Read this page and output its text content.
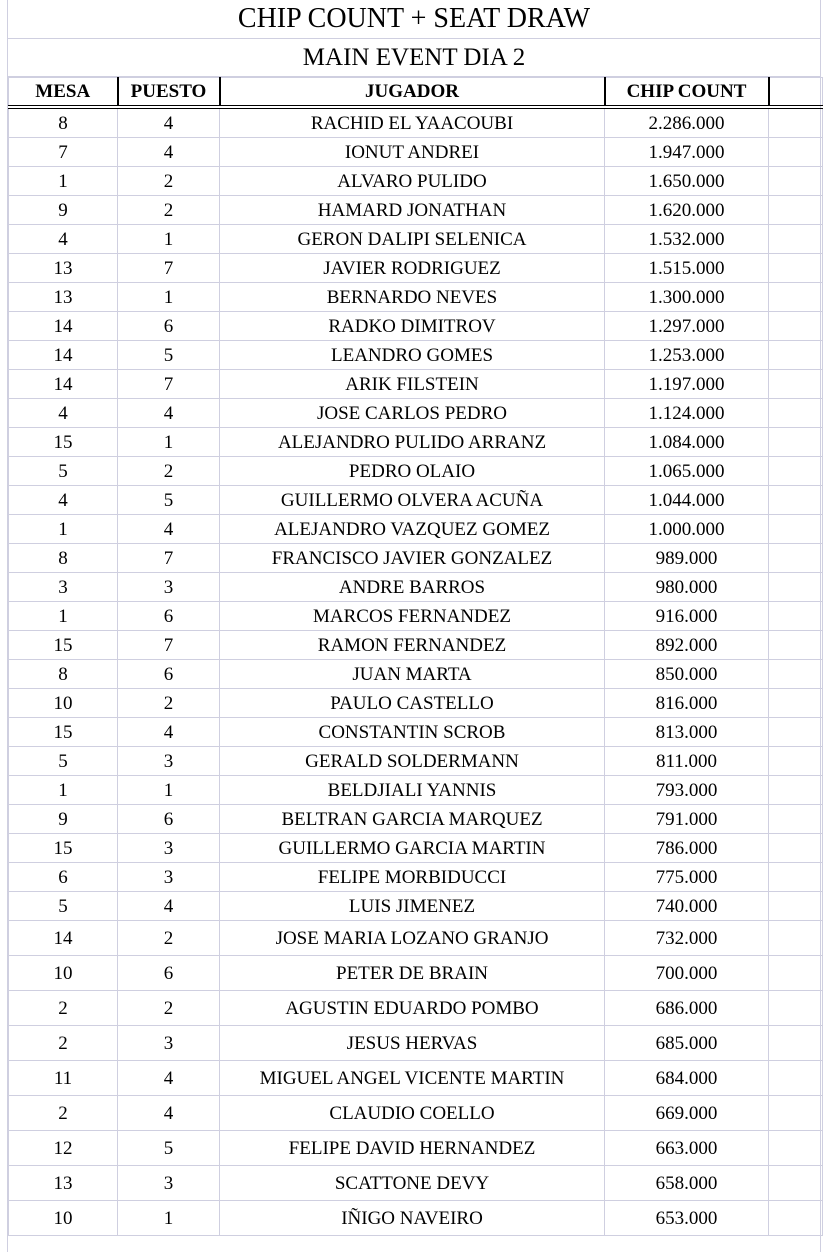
CHIP COUNT + SEAT DRAW
MAIN EVENT DIA 2
MESA	PUESTO	JUGADOR	CHIP COUNT	
8	4	RACHID EL YAACOUBI	2.286.000	
7	4	IONUT ANDREI	1.947.000	
1	2	ALVARO PULIDO	1.650.000	
9	2	HAMARD JONATHAN	1.620.000	
4	1	GERON DALIPI SELENICA	1.532.000	
13	7	JAVIER RODRIGUEZ	1.515.000	
13	1	BERNARDO NEVES	1.300.000	
14	6	RADKO DIMITROV	1.297.000	
14	5	LEANDRO GOMES	1.253.000	
14	7	ARIK FILSTEIN	1.197.000	
4	4	JOSE CARLOS PEDRO	1.124.000	
15	1	ALEJANDRO PULIDO ARRANZ	1.084.000	
5	2	PEDRO OLAIO	1.065.000	
4	5	GUILLERMO OLVERA ACUÑA	1.044.000	
1	4	ALEJANDRO VAZQUEZ GOMEZ	1.000.000	
8	7	FRANCISCO JAVIER GONZALEZ	989.000	
3	3	ANDRE BARROS	980.000	
1	6	MARCOS FERNANDEZ	916.000	
15	7	RAMON FERNANDEZ	892.000	
8	6	JUAN MARTA	850.000	
10	2	PAULO CASTELLO	816.000	
15	4	CONSTANTIN SCROB	813.000	
5	3	GERALD SOLDERMANN	811.000	
1	1	BELDJIALI YANNIS	793.000	
9	6	BELTRAN GARCIA MARQUEZ	791.000	
15	3	GUILLERMO GARCIA MARTIN	786.000	
6	3	FELIPE MORBIDUCCI	775.000	
5	4	LUIS JIMENEZ	740.000	
14	2	JOSE MARIA LOZANO GRANJO	732.000	
10	6	PETER DE BRAIN	700.000	
2	2	AGUSTIN EDUARDO POMBO	686.000	
2	3	JESUS HERVAS	685.000	
11	4	MIGUEL ANGEL VICENTE MARTIN	684.000	
2	4	CLAUDIO COELLO	669.000	
12	5	FELIPE DAVID HERNANDEZ	663.000	
13	3	SCATTONE DEVY	658.000	
10	1	IÑIGO NAVEIRO	653.000	
